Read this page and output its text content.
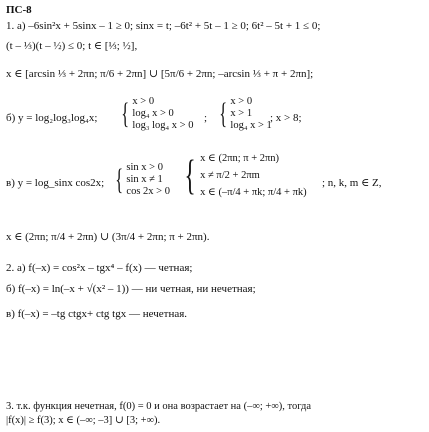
ПС-8
1. а) –6sin²x + 5sinx – 1 ≥ 0; sinx = t; –6t² + 5t – 1 ≥ 0; 6t² – 5t + 1 ≤ 0;
(t – ⅓)(t – ½) ≤ 0; t ∈ [⅓; ½],
x ∈ [arcsin ⅓ + 2πn; π/6 + 2πn] ∪ [5π/6 + 2πn; –arcsin ⅓ + π + 2πn];
б) y = log₂log₃log₄x; { x > 0
log₄ x > 0
log₃ log₄ x > 0
; { x > 0
x > 1
log₄ x > 1
; x > 8;
в) y = log_sinx cos2x; { sin x > 0
sin x ≠ 1
cos 2x > 0 { x ∈ (2πn; π + 2πn)
x ≠ π/2 + 2πm
x ∈ (–π/4 + πk; π/4 + πk)
; n, k, m ∈ Z,
x ∈ (2πn; π/4 + 2πn) ∪ (3π/4 + 2πn; π + 2πn).
2. а) f(–x) = cos²x – tgx⁴ – f(x) — четная;
б) f(–x) = ln(–x + √(x² – 1)) — ни четная, ни нечетная;
в) f(–x) = –tg ctgx+ ctg tgx — нечетная.
3. т.к. функция нечетная, f(0) = 0 и она возрастает на (–∞; +∞), тогда
|f(x)| ≥ f(3); x ∈ (–∞; –3] ∪ [3; +∞).
